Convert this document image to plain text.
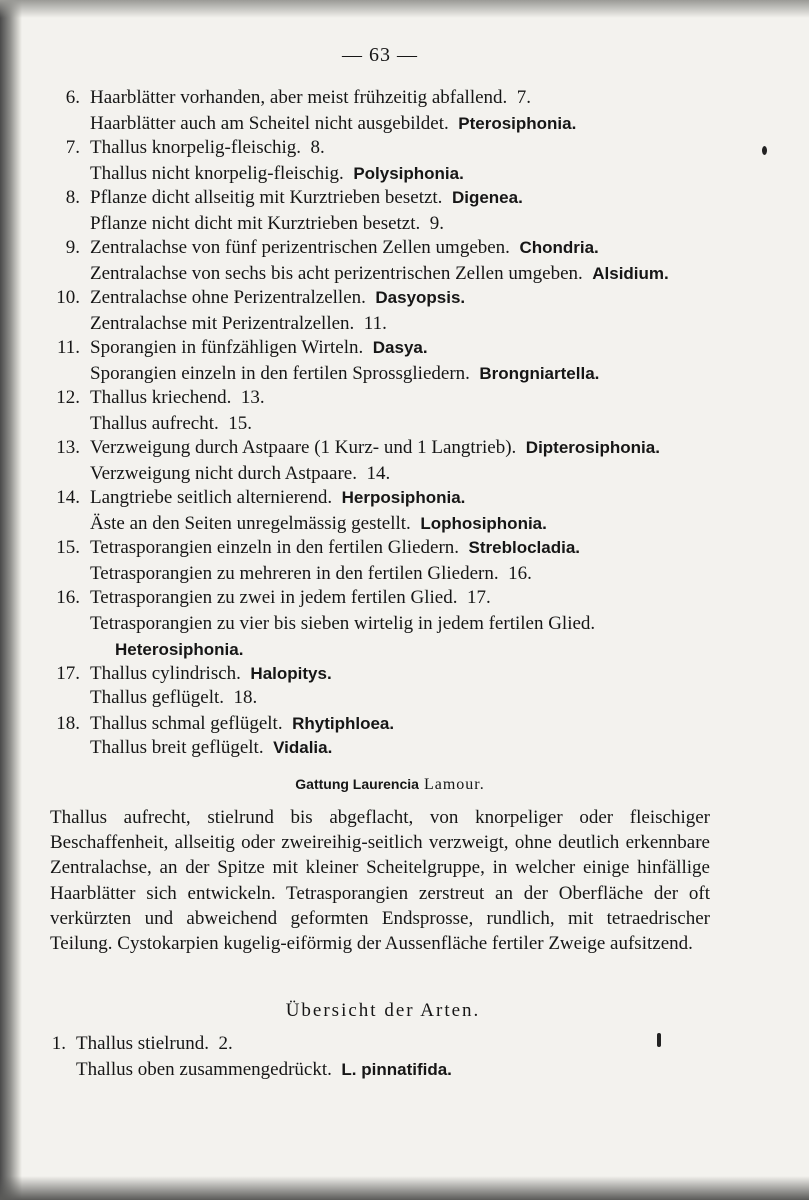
— 63 —
6. Haarblätter vorhanden, aber meist frühzeitig abfallend.  7.
Haarblätter auch am Scheitel nicht ausgebildet.  Pterosiphonia.
7. Thallus knorpelig-fleischig.  8.
Thallus nicht knorpelig-fleischig.  Polysiphonia.
8. Pflanze dicht allseitig mit Kurztrieben besetzt.  Digenea.
Pflanze nicht dicht mit Kurztrieben besetzt.  9.
9. Zentralachse von fünf perizentrischen Zellen umgeben.  Chondria.
Zentralachse von sechs bis acht perizentrischen Zellen umgeben.  Alsidium.
10. Zentralachse ohne Perizentralzellen.  Dasyopsis.
Zentralachse mit Perizentralzellen.  11.
11. Sporangien in fünfzähligen Wirteln.  Dasya.
Sporangien einzeln in den fertilen Sprossgliedern.  Brongniartella.
12. Thallus kriechend.  13.
Thallus aufrecht.  15.
13. Verzweigung durch Astpaare (1 Kurz- und 1 Langtrieb).  Dipterosiphonia.
Verzweigung nicht durch Astpaare.  14.
14. Langtriebe seitlich alternierend.  Herposiphonia.
Äste an den Seiten unregelmässig gestellt.  Lophosiphonia.
15. Tetrasporangien einzeln in den fertilen Gliedern.  Streblocladia.
Tetrasporangien zu mehreren in den fertilen Gliedern.  16.
16. Tetrasporangien zu zwei in jedem fertilen Glied.  17.
Tetrasporangien zu vier bis sieben wirtelig in jedem fertilen Glied.
Heterosiphonia.
17. Thallus cylindrisch.  Halopitys.
Thallus geflügelt.  18.
18. Thallus schmal geflügelt.  Rhytiphloea.
Thallus breit geflügelt.  Vidalia.
Gattung Laurencia Lamour.
Thallus aufrecht, stielrund bis abgeflacht, von knorpeliger oder fleischiger Beschaffenheit, allseitig oder zweireihig-seitlich verzweigt, ohne deutlich erkennbare Zentralachse, an der Spitze mit kleiner Scheitelgruppe, in welcher einige hinfällige Haarblätter sich entwickeln. Tetrasporangien zerstreut an der Oberfläche der oft verkürzten und abweichend geformten Endsprosse, rundlich, mit tetraedrischer Teilung. Cystokarpien kugelig-eiförmig der Aussenfläche fertiler Zweige aufsitzend.
Übersicht der Arten.
1. Thallus stielrund.  2.
Thallus oben zusammengedrückt.  L. pinnatifida.
